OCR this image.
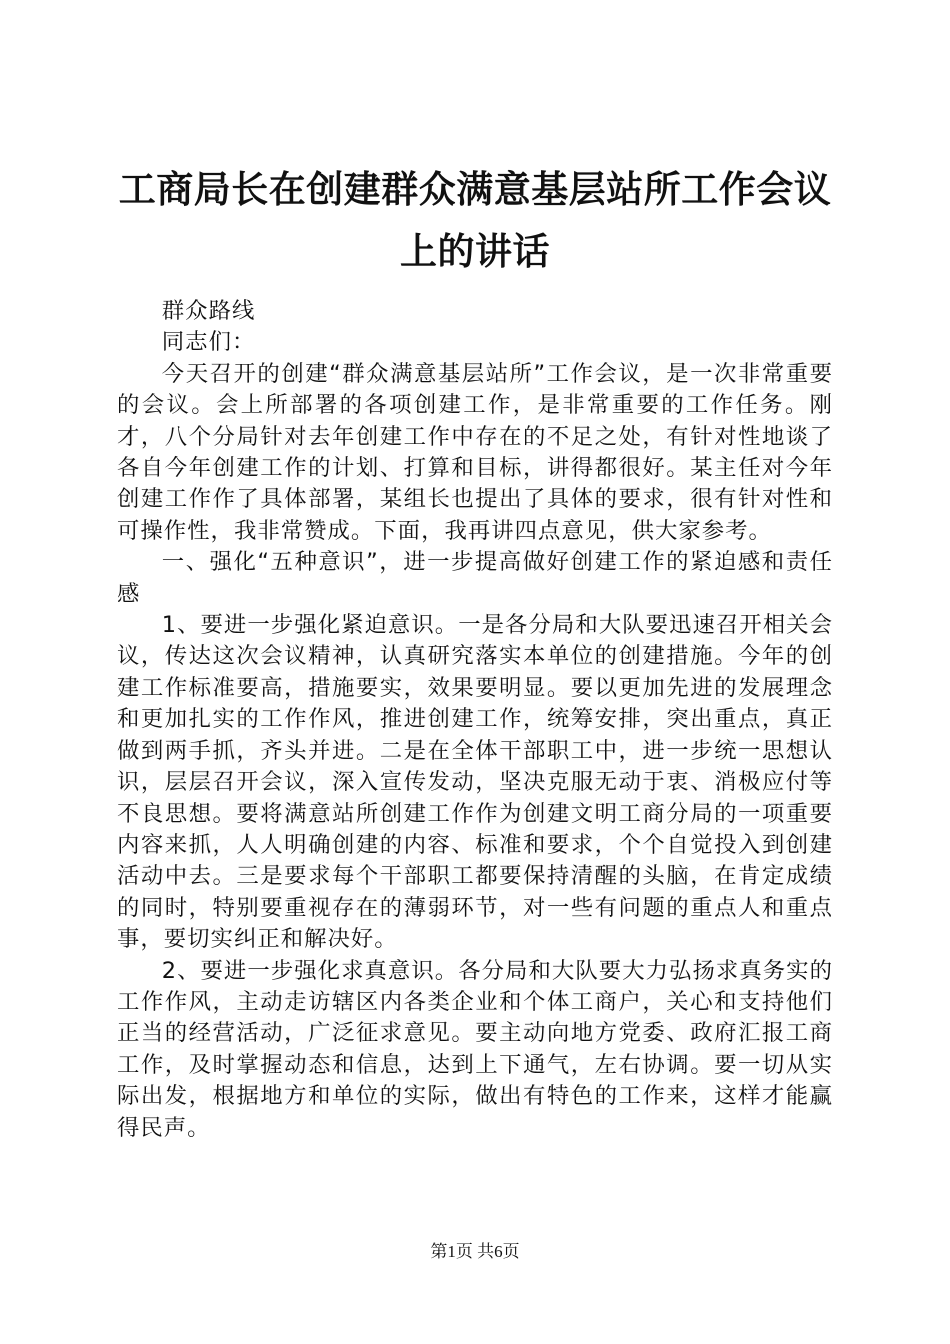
工商局长在创建群众满意基层站所工作会议上的讲话

群众路线

同志们：

今天召开的创建“群众满意基层站所”工作会议，是一次非常重要的会议。会上所部署的各项创建工作，是非常重要的工作任务。刚才，八个分局针对去年创建工作中存在的不足之处，有针对性地谈了各自今年创建工作的计划、打算和目标，讲得都很好。某主任对今年创建工作作了具体部署，某组长也提出了具体的要求，很有针对性和可操作性，我非常赞成。下面，我再讲四点意见，供大家参考。

一、强化“五种意识”，进一步提高做好创建工作的紧迫感和责任感

1、要进一步强化紧迫意识。一是各分局和大队要迅速召开相关会议，传达这次会议精神，认真研究落实本单位的创建措施。今年的创建工作标准要高，措施要实，效果要明显。要以更加先进的发展理念和更加扎实的工作作风，推进创建工作，统筹安排，突出重点，真正做到两手抓，齐头并进。二是在全体干部职工中，进一步统一思想认识，层层召开会议，深入宣传发动，坚决克服无动于衷、消极应付等不良思想。要将满意站所创建工作作为创建文明工商分局的一项重要内容来抓，人人明确创建的内容、标准和要求，个个自觉投入到创建活动中去。三是要求每个干部职工都要保持清醒的头脑，在肯定成绩的同时，特别要重视存在的薄弱环节，对一些有问题的重点人和重点事，要切实纠正和解决好。

2、要进一步强化求真意识。各分局和大队要大力弘扬求真务实的工作作风，主动走访辖区内各类企业和个体工商户，关心和支持他们正当的经营活动，广泛征求意见。要主动向地方党委、政府汇报工商工作，及时掌握动态和信息，达到上下通气，左右协调。要一切从实际出发，根据地方和单位的实际，做出有特色的工作来，这样才能赢得民声。

第1页 共6页
